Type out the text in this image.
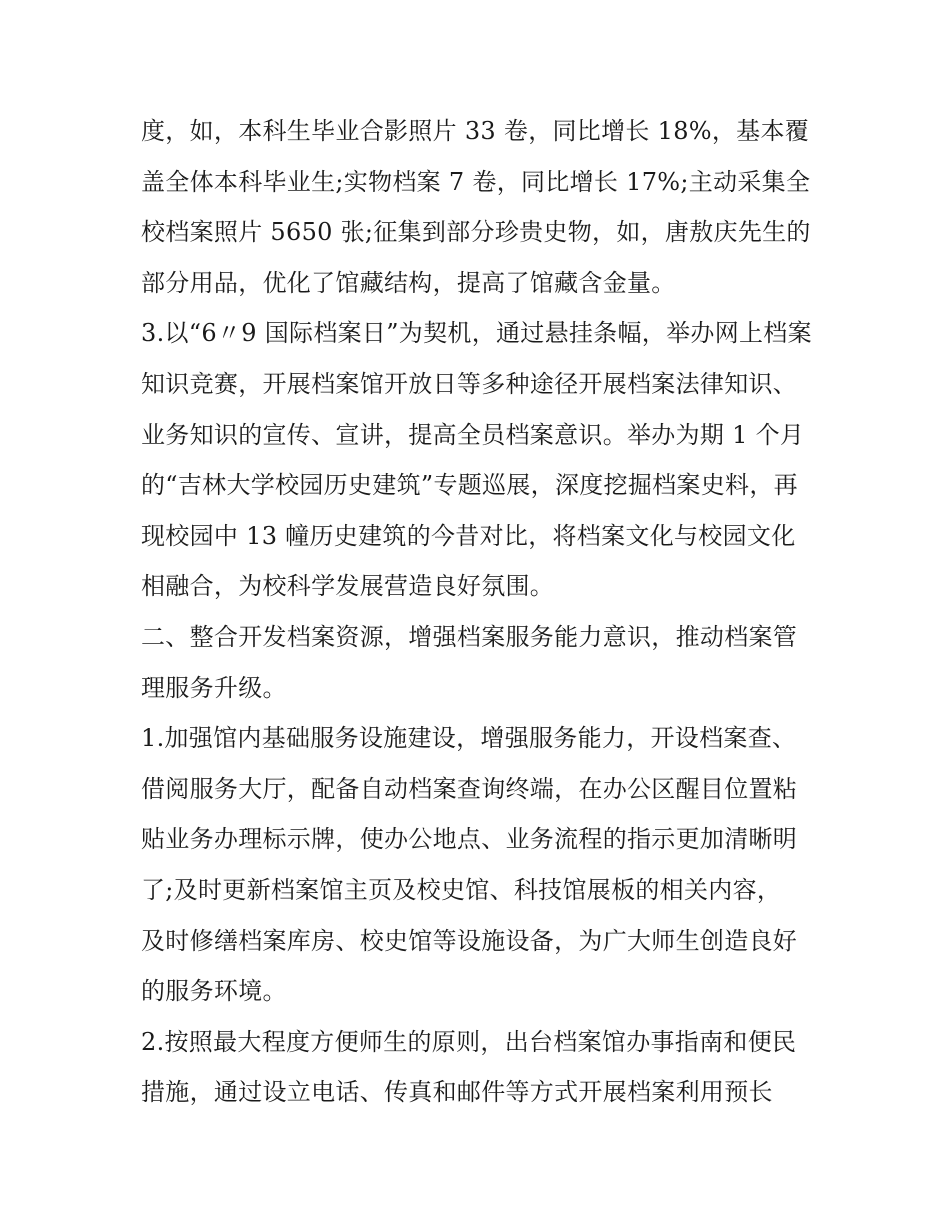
度，如，本科生毕业合影照片 33 卷，同比增长 18%，基本覆
盖全体本科毕业生;实物档案 7 卷，同比增长 17%;主动采集全
校档案照片 5650 张;征集到部分珍贵史物，如，唐敖庆先生的
部分用品，优化了馆藏结构，提高了馆藏含金量。
3.以“6〃9 国际档案日”为契机，通过悬挂条幅，举办网上档案
知识竞赛，开展档案馆开放日等多种途径开展档案法律知识、
业务知识的宣传、宣讲，提高全员档案意识。举办为期 1 个月
的“吉林大学校园历史建筑”专题巡展，深度挖掘档案史料，再
现校园中 13 幢历史建筑的今昔对比，将档案文化与校园文化
相融合，为校科学发展营造良好氛围。
二、整合开发档案资源，增强档案服务能力意识，推动档案管
理服务升级。
1.加强馆内基础服务设施建设，增强服务能力，开设档案查、
借阅服务大厅，配备自动档案查询终端，在办公区醒目位置粘
贴业务办理标示牌，使办公地点、业务流程的指示更加清晰明
了;及时更新档案馆主页及校史馆、科技馆展板的相关内容，
及时修缮档案库房、校史馆等设施设备，为广大师生创造良好
的服务环境。
2.按照最大程度方便师生的原则，出台档案馆办事指南和便民
措施，通过设立电话、传真和邮件等方式开展档案利用预长
